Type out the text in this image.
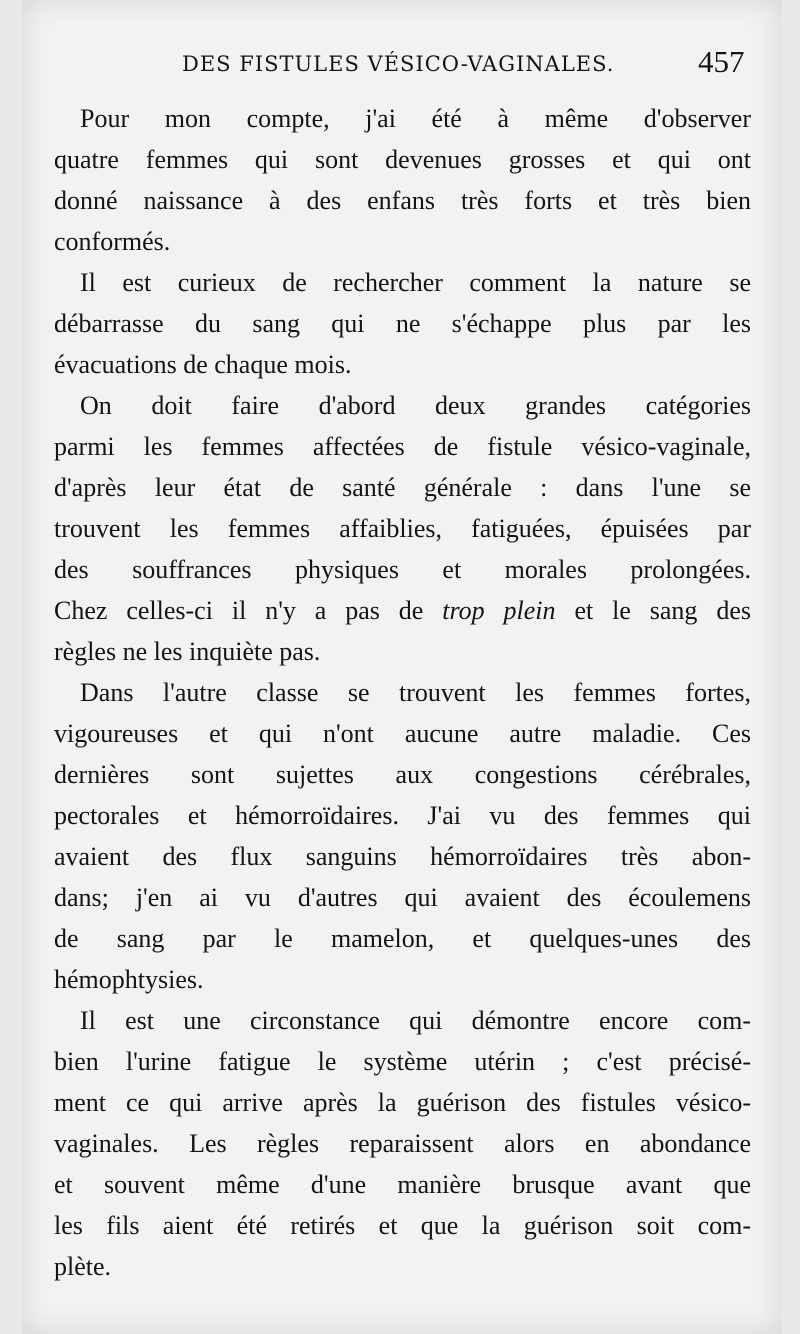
DES FISTULES VÉSICO-VAGINALES.	457
Pour mon compte, j'ai été à même d'observer
quatre femmes qui sont devenues grosses et qui ont
donné naissance à des enfans très forts et très bien
conformés.
Il est curieux de rechercher comment la nature se
débarrasse du sang qui ne s'échappe plus par les
évacuations de chaque mois.
On doit faire d'abord deux grandes catégories
parmi les femmes affectées de fistule vésico-vaginale,
d'après leur état de santé générale : dans l'une se
trouvent les femmes affaiblies, fatiguées, épuisées par
des souffrances physiques et morales prolongées.
Chez celles-ci il n'y a pas de trop plein et le sang des
règles ne les inquiète pas.
Dans l'autre classe se trouvent les femmes fortes,
vigoureuses et qui n'ont aucune autre maladie. Ces
dernières sont sujettes aux congestions cérébrales,
pectorales et hémorroïdaires. J'ai vu des femmes qui
avaient des flux sanguins hémorroïdaires très abon-
dans; j'en ai vu d'autres qui avaient des écoulemens
de sang par le mamelon, et quelques-unes des
hémophtysies.
Il est une circonstance qui démontre encore com-
bien l'urine fatigue le système utérin ; c'est précisé-
ment ce qui arrive après la guérison des fistules vésico-
vaginales. Les règles reparaissent alors en abondance
et souvent même d'une manière brusque avant que
les fils aient été retirés et que la guérison soit com-
plète.
